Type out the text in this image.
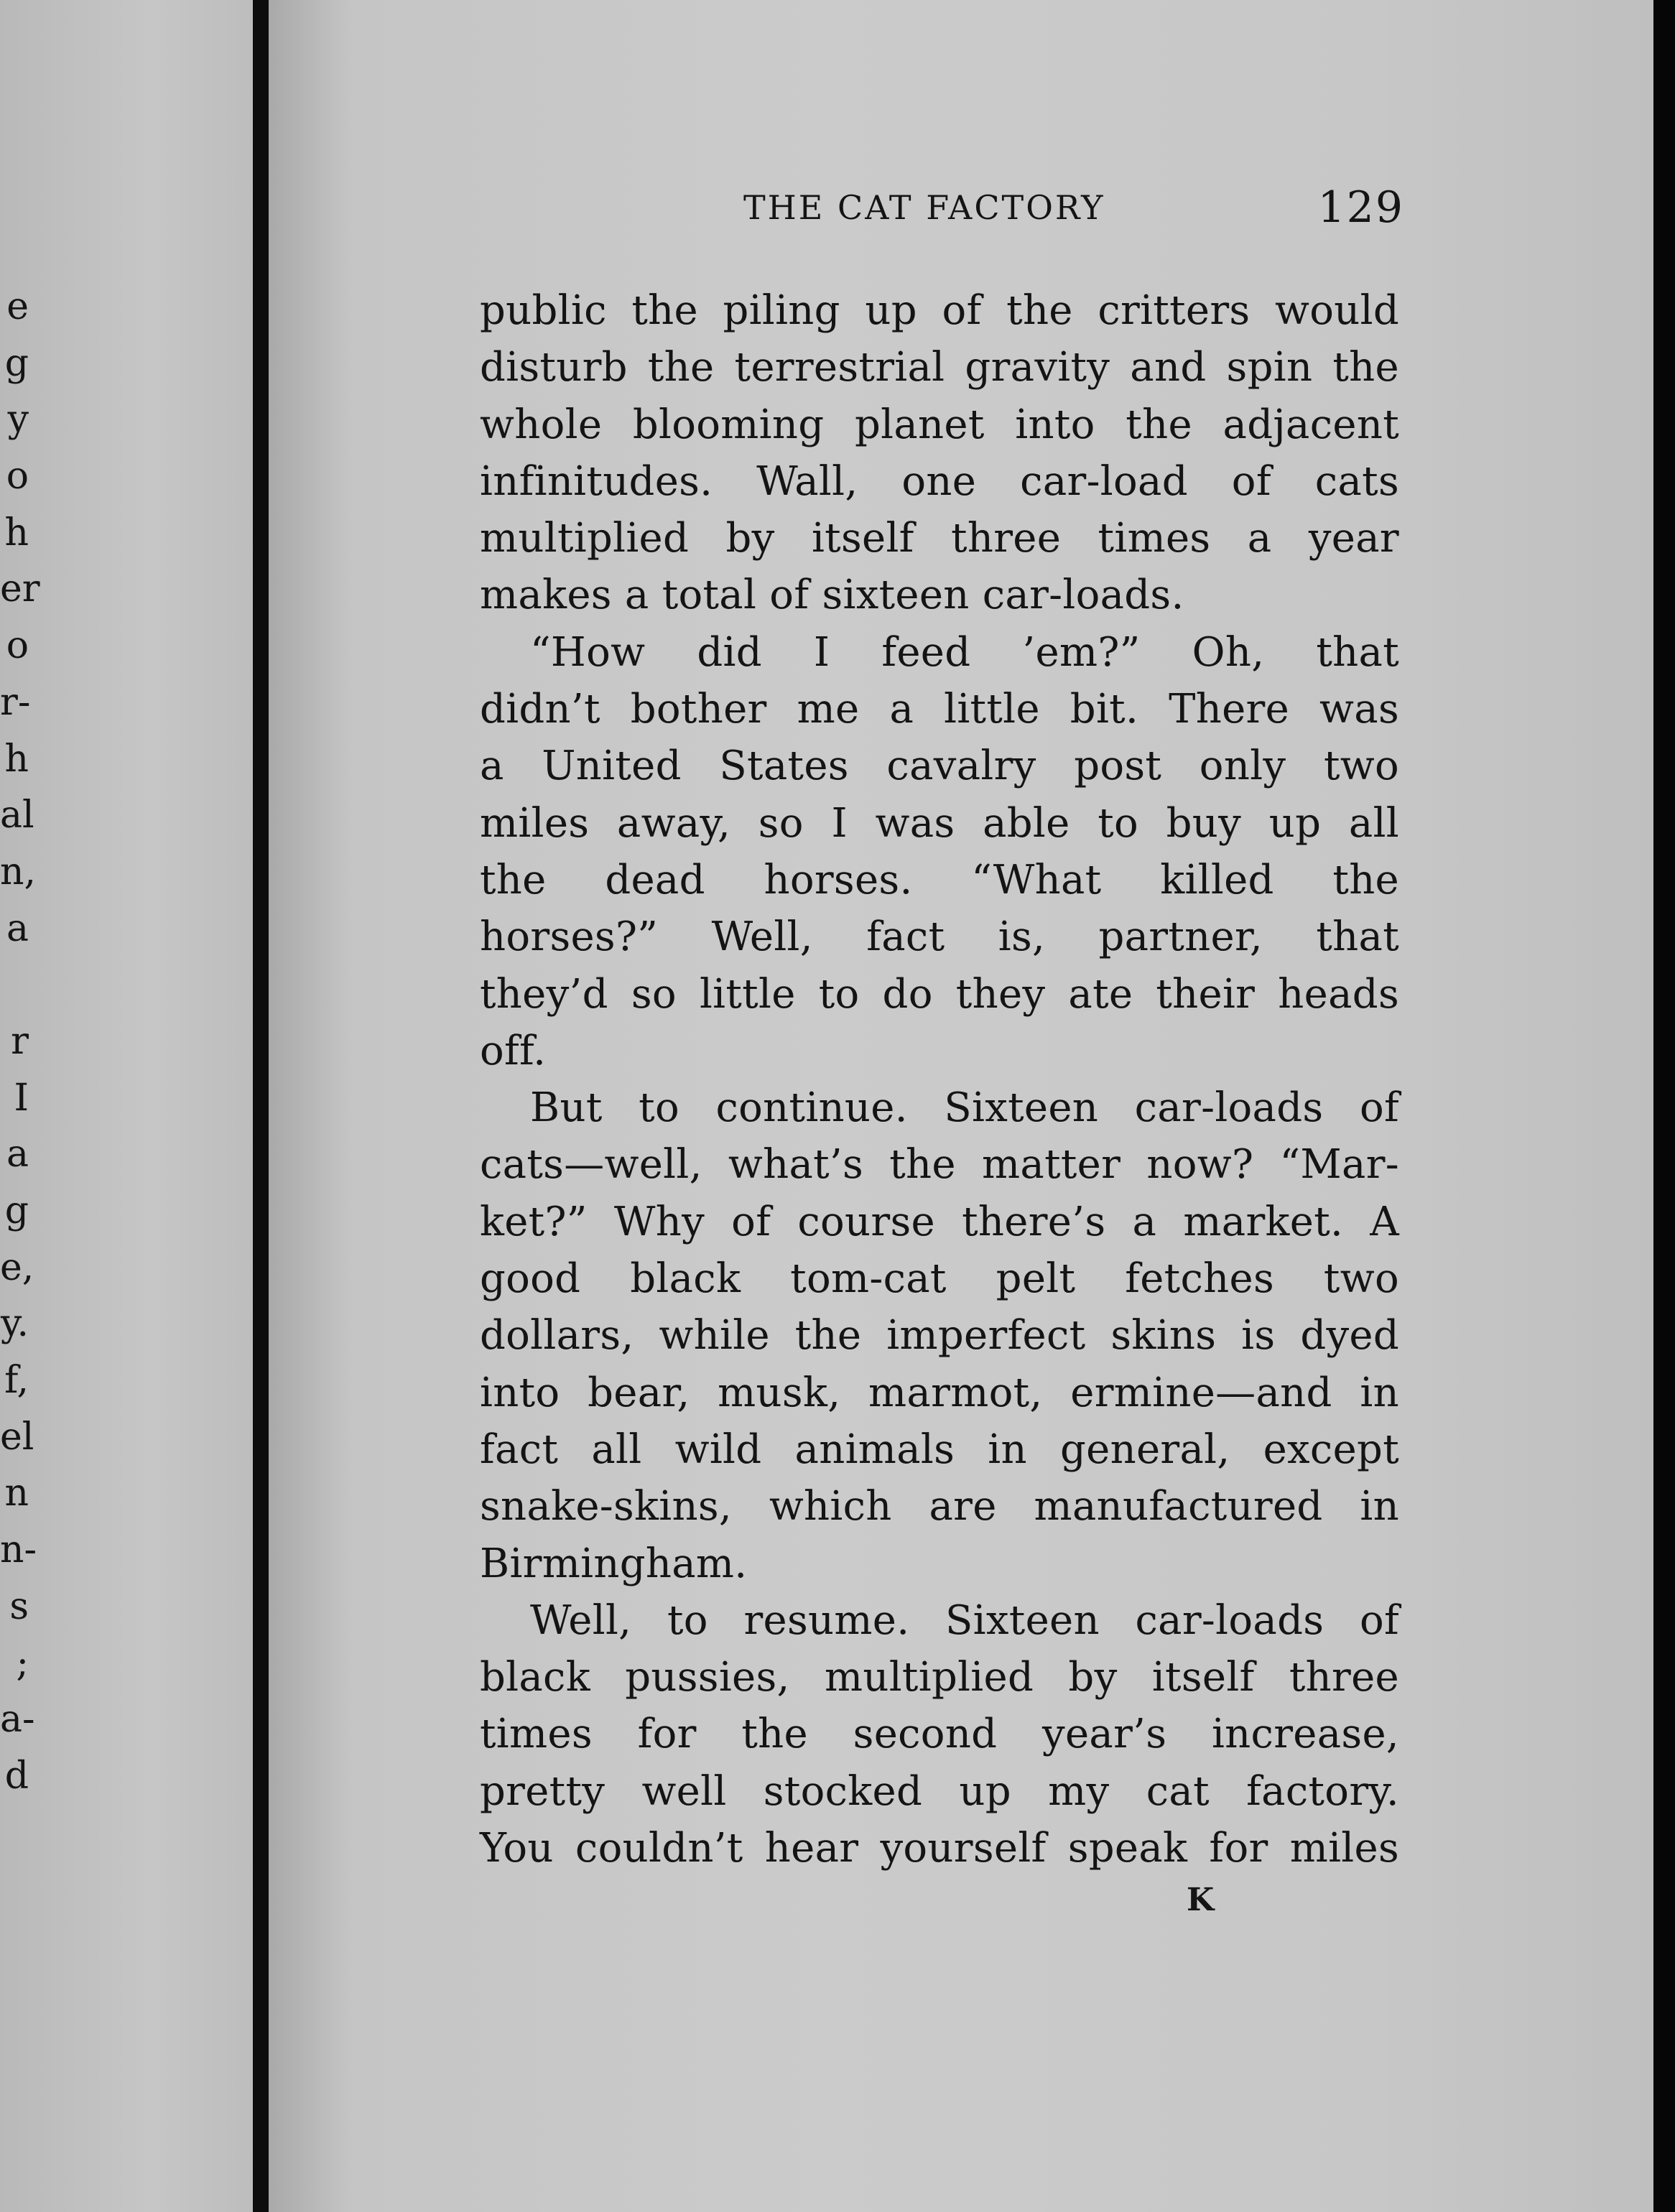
e
g
y
o
h
er
o
r-
h
al
n,
a
r
I
a
g
e,
y.
f,
el
n
n-
s
;
a-
d
THE CAT FACTORY	129
public the piling up of the critters would
disturb the terrestrial gravity and spin the
whole blooming planet into the adjacent
infinitudes. Wall, one car-load of cats
multiplied by itself three times a year
makes a total of sixteen car-loads.
“How did I feed ’em?” Oh, that
didn’t bother me a little bit. There was
a United States cavalry post only two
miles away, so I was able to buy up all
the dead horses. “What killed the
horses?” Well, fact is, partner, that
they’d so little to do they ate their heads
off.
But to continue. Sixteen car-loads of
cats—well, what’s the matter now? “Mar-
ket?” Why of course there’s a market. A
good black tom-cat pelt fetches two
dollars, while the imperfect skins is dyed
into bear, musk, marmot, ermine—and in
fact all wild animals in general, except
snake-skins, which are manufactured in
Birmingham.
Well, to resume. Sixteen car-loads of
black pussies, multiplied by itself three
times for the second year’s increase,
pretty well stocked up my cat factory.
You couldn’t hear yourself speak for miles
K
